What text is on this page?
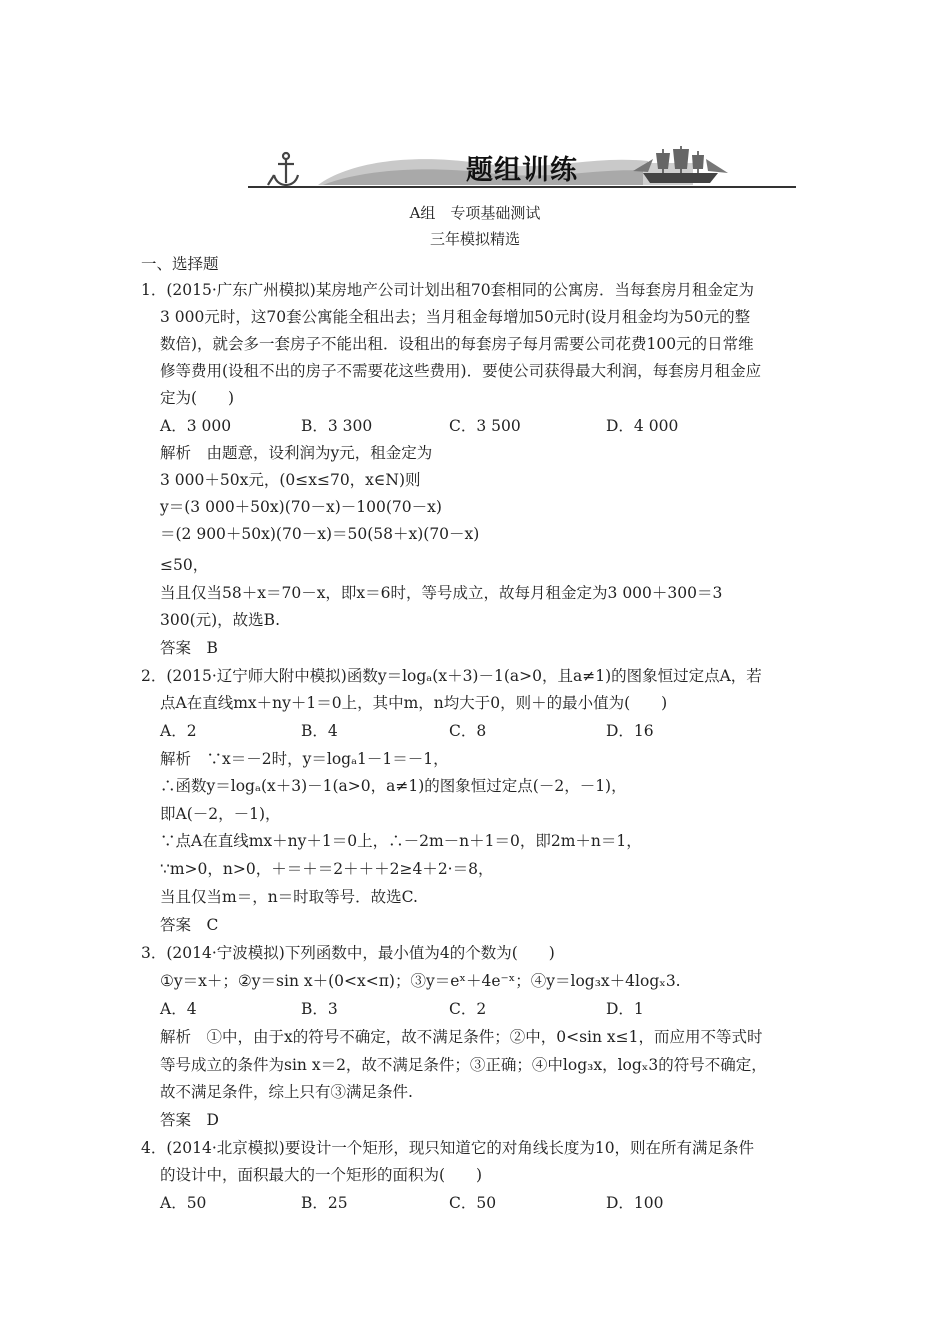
题组训练
A组　专项基础测试
三年模拟精选
一、选择题
1．(2015·广东广州模拟)某房地产公司计划出租70套相同的公寓房．当每套房月租金定为
3 000元时，这70套公寓能全租出去；当月租金每增加50元时(设月租金均为50元的整
数倍)，就会多一套房子不能出租．设租出的每套房子每月需要公司花费100元的日常维
修等费用(设租不出的房子不需要花这些费用)．要使公司获得最大利润，每套房月租金应
定为(　　)
A．3 000	B．3 300	C．3 500	D．4 000
解析　由题意，设利润为y元，租金定为
3 000＋50x元，(0≤x≤70，x∈N)则
y＝(3 000＋50x)(70－x)－100(70－x)
＝(2 900＋50x)(70－x)＝50(58＋x)(70－x)
≤50，
当且仅当58＋x＝70－x，即x＝6时，等号成立，故每月租金定为3 000＋300＝3
300(元)，故选B.
答案　B
2．(2015·辽宁师大附中模拟)函数y＝logₐ(x＋3)－1(a>0，且a≠1)的图象恒过定点A，若
点A在直线mx＋ny＋1＝0上，其中m，n均大于0，则＋的最小值为(　　)
A．2	B．4	C．8	D．16
解析　∵x＝－2时，y＝logₐ1－1＝－1，
∴函数y＝logₐ(x＋3)－1(a>0，a≠1)的图象恒过定点(－2，－1)，
即A(－2，－1)，
∵点A在直线mx＋ny＋1＝0上，∴－2m－n＋1＝0，即2m＋n＝1，
∵m>0，n>0，＋＝＋＝2＋＋＋2≥4＋2·＝8，
当且仅当m＝，n＝时取等号．故选C.
答案　C
3．(2014·宁波模拟)下列函数中，最小值为4的个数为(　　)
①y＝x＋；②y＝sin x＋(0<x<π)；③y＝eˣ＋4e⁻ˣ；④y＝log₃x＋4logₓ3.
A．4	B．3	C．2	D．1
解析　①中，由于x的符号不确定，故不满足条件；②中，0<sin x≤1，而应用不等式时
等号成立的条件为sin x＝2，故不满足条件；③正确；④中log₃x，logₓ3的符号不确定，
故不满足条件，综上只有③满足条件.
答案　D
4．(2014·北京模拟)要设计一个矩形，现只知道它的对角线长度为10，则在所有满足条件
的设计中，面积最大的一个矩形的面积为(　　)
A．50	B．25	C．50	D．100
